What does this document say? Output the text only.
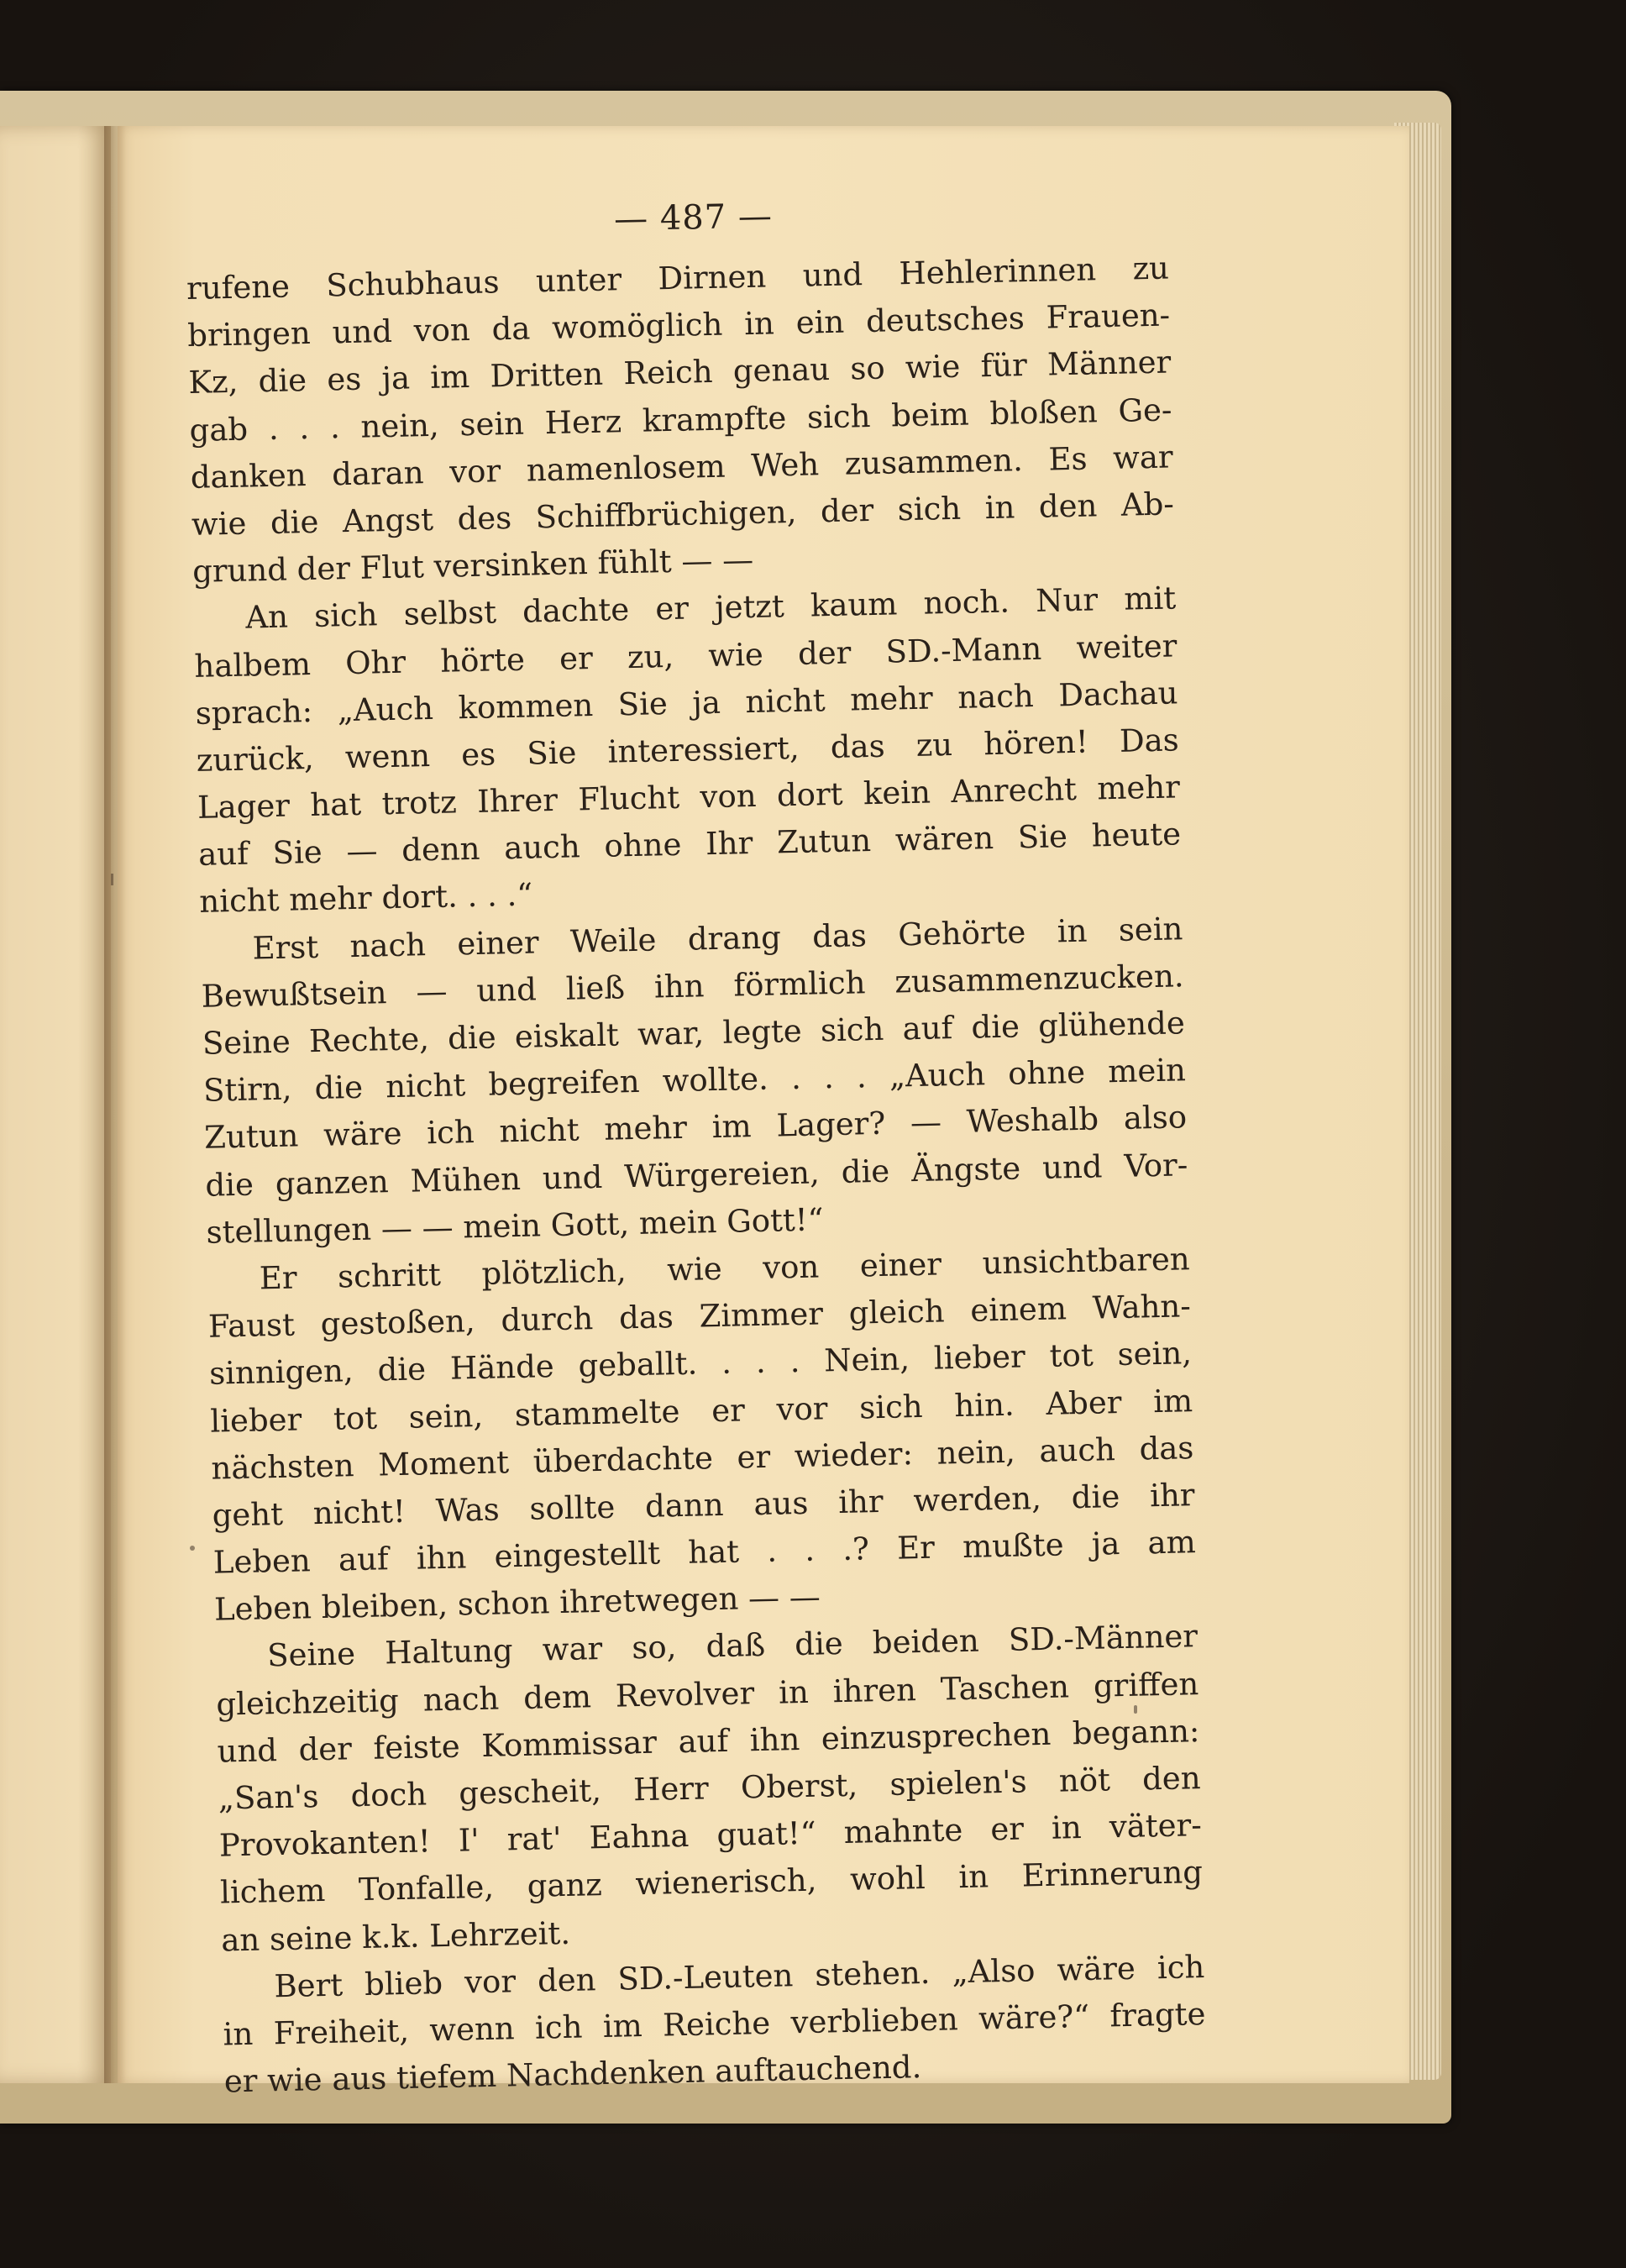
— 487 —
rufene Schubhaus unter Dirnen und Hehlerinnen zu
bringen und von da womöglich in ein deutsches Frauen-
Kz, die es ja im Dritten Reich genau so wie für Männer
gab . . . nein, sein Herz krampfte sich beim bloßen Ge-
danken daran vor namenlosem Weh zusammen. Es war
wie die Angst des Schiffbrüchigen, der sich in den Ab-
grund der Flut versinken fühlt — —
An sich selbst dachte er jetzt kaum noch. Nur mit
halbem Ohr hörte er zu, wie der SD.-Mann weiter
sprach: „Auch kommen Sie ja nicht mehr nach Dachau
zurück, wenn es Sie interessiert, das zu hören! Das
Lager hat trotz Ihrer Flucht von dort kein Anrecht mehr
auf Sie — denn auch ohne Ihr Zutun wären Sie heute
nicht mehr dort. . . .“
Erst nach einer Weile drang das Gehörte in sein
Bewußtsein — und ließ ihn förmlich zusammenzucken.
Seine Rechte, die eiskalt war, legte sich auf die glühende
Stirn, die nicht begreifen wollte. . . . „Auch ohne mein
Zutun wäre ich nicht mehr im Lager? — Weshalb also
die ganzen Mühen und Würgereien, die Ängste und Vor-
stellungen — — mein Gott, mein Gott!“
Er schritt plötzlich, wie von einer unsichtbaren
Faust gestoßen, durch das Zimmer gleich einem Wahn-
sinnigen, die Hände geballt. . . . Nein, lieber tot sein,
lieber tot sein, stammelte er vor sich hin. Aber im
nächsten Moment überdachte er wieder: nein, auch das
geht nicht! Was sollte dann aus ihr werden, die ihr
Leben auf ihn eingestellt hat . . .? Er mußte ja am
Leben bleiben, schon ihretwegen — —
Seine Haltung war so, daß die beiden SD.-Männer
gleichzeitig nach dem Revolver in ihren Taschen griffen
und der feiste Kommissar auf ihn einzusprechen begann:
„San's doch gescheit, Herr Oberst, spielen's nöt den
Provokanten! I' rat' Eahna guat!“ mahnte er in väter-
lichem Tonfalle, ganz wienerisch, wohl in Erinnerung
an seine k.k. Lehrzeit.
Bert blieb vor den SD.-Leuten stehen. „Also wäre ich
in Freiheit, wenn ich im Reiche verblieben wäre?“ fragte
er wie aus tiefem Nachdenken auftauchend.
